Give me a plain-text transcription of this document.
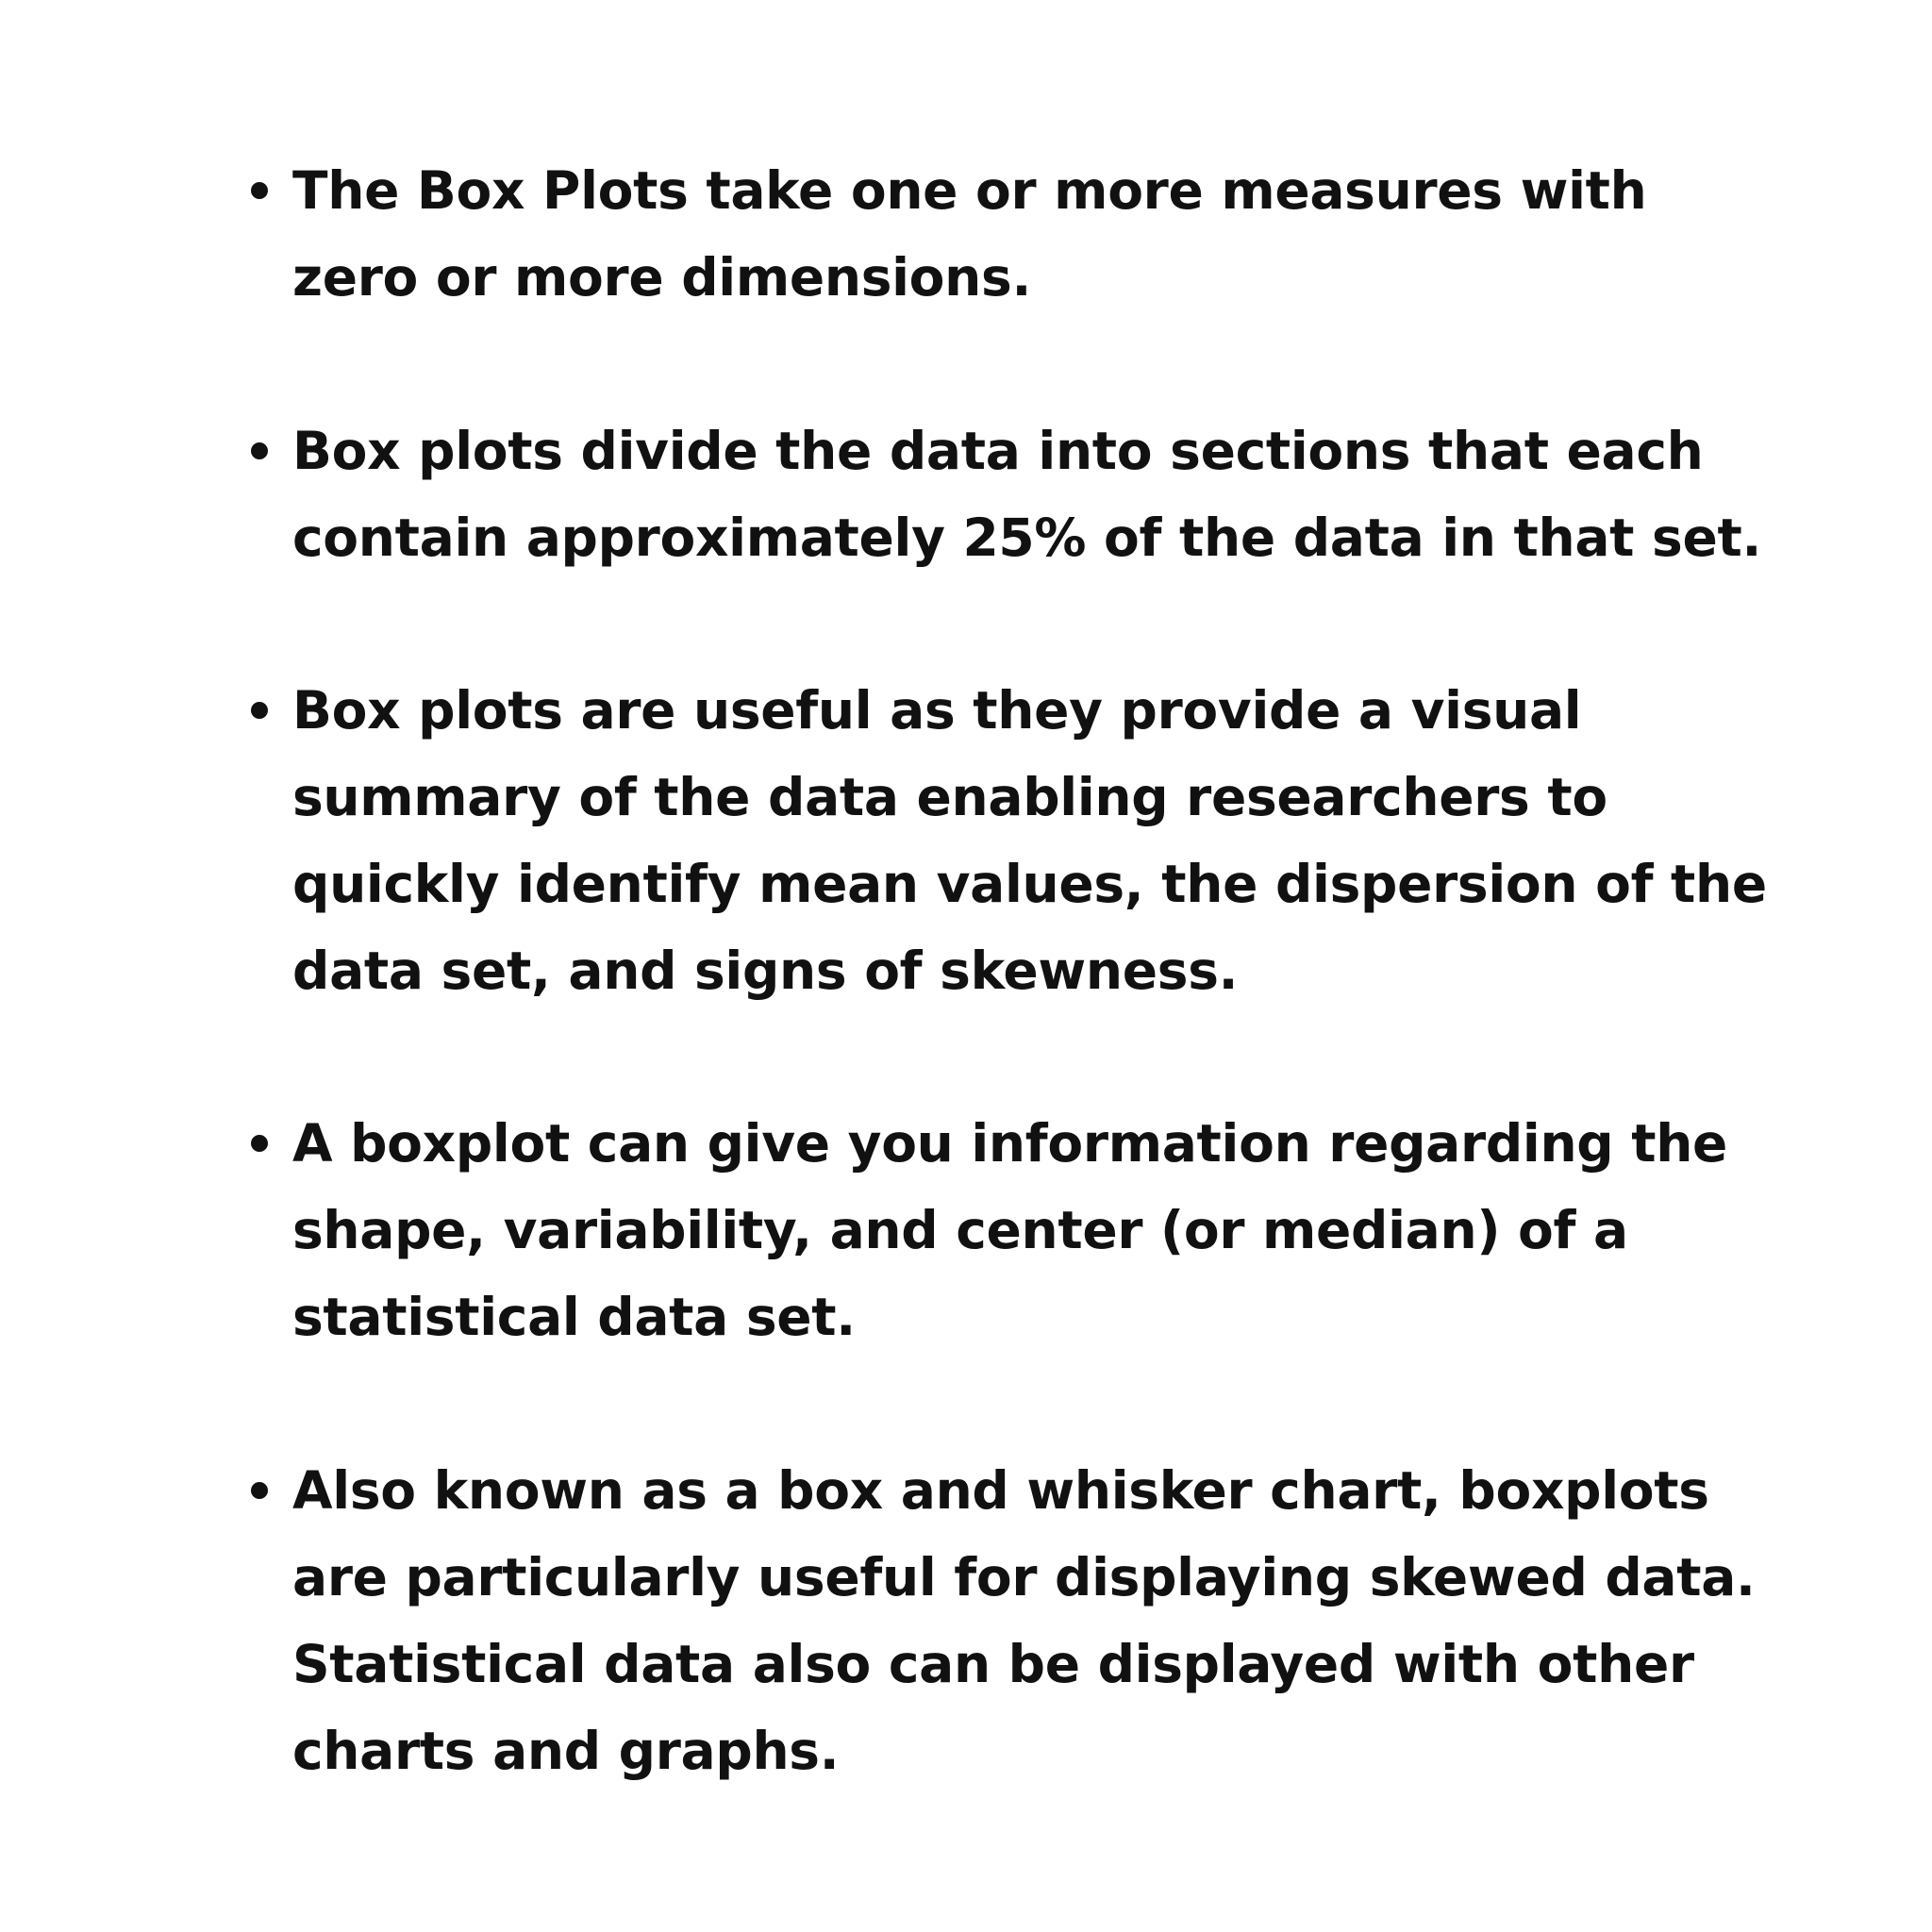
The Box Plots take one or more measures with
zero or more dimensions.
Box plots divide the data into sections that each
contain approximately 25% of the data in that set.
Box plots are useful as they provide a visual
summary of the data enabling researchers to
quickly identify mean values, the dispersion of the
data set, and signs of skewness.
A boxplot can give you information regarding the
shape, variability, and center (or median) of a
statistical data set.
Also known as a box and whisker chart, boxplots
are particularly useful for displaying skewed data.
Statistical data also can be displayed with other
charts and graphs.
